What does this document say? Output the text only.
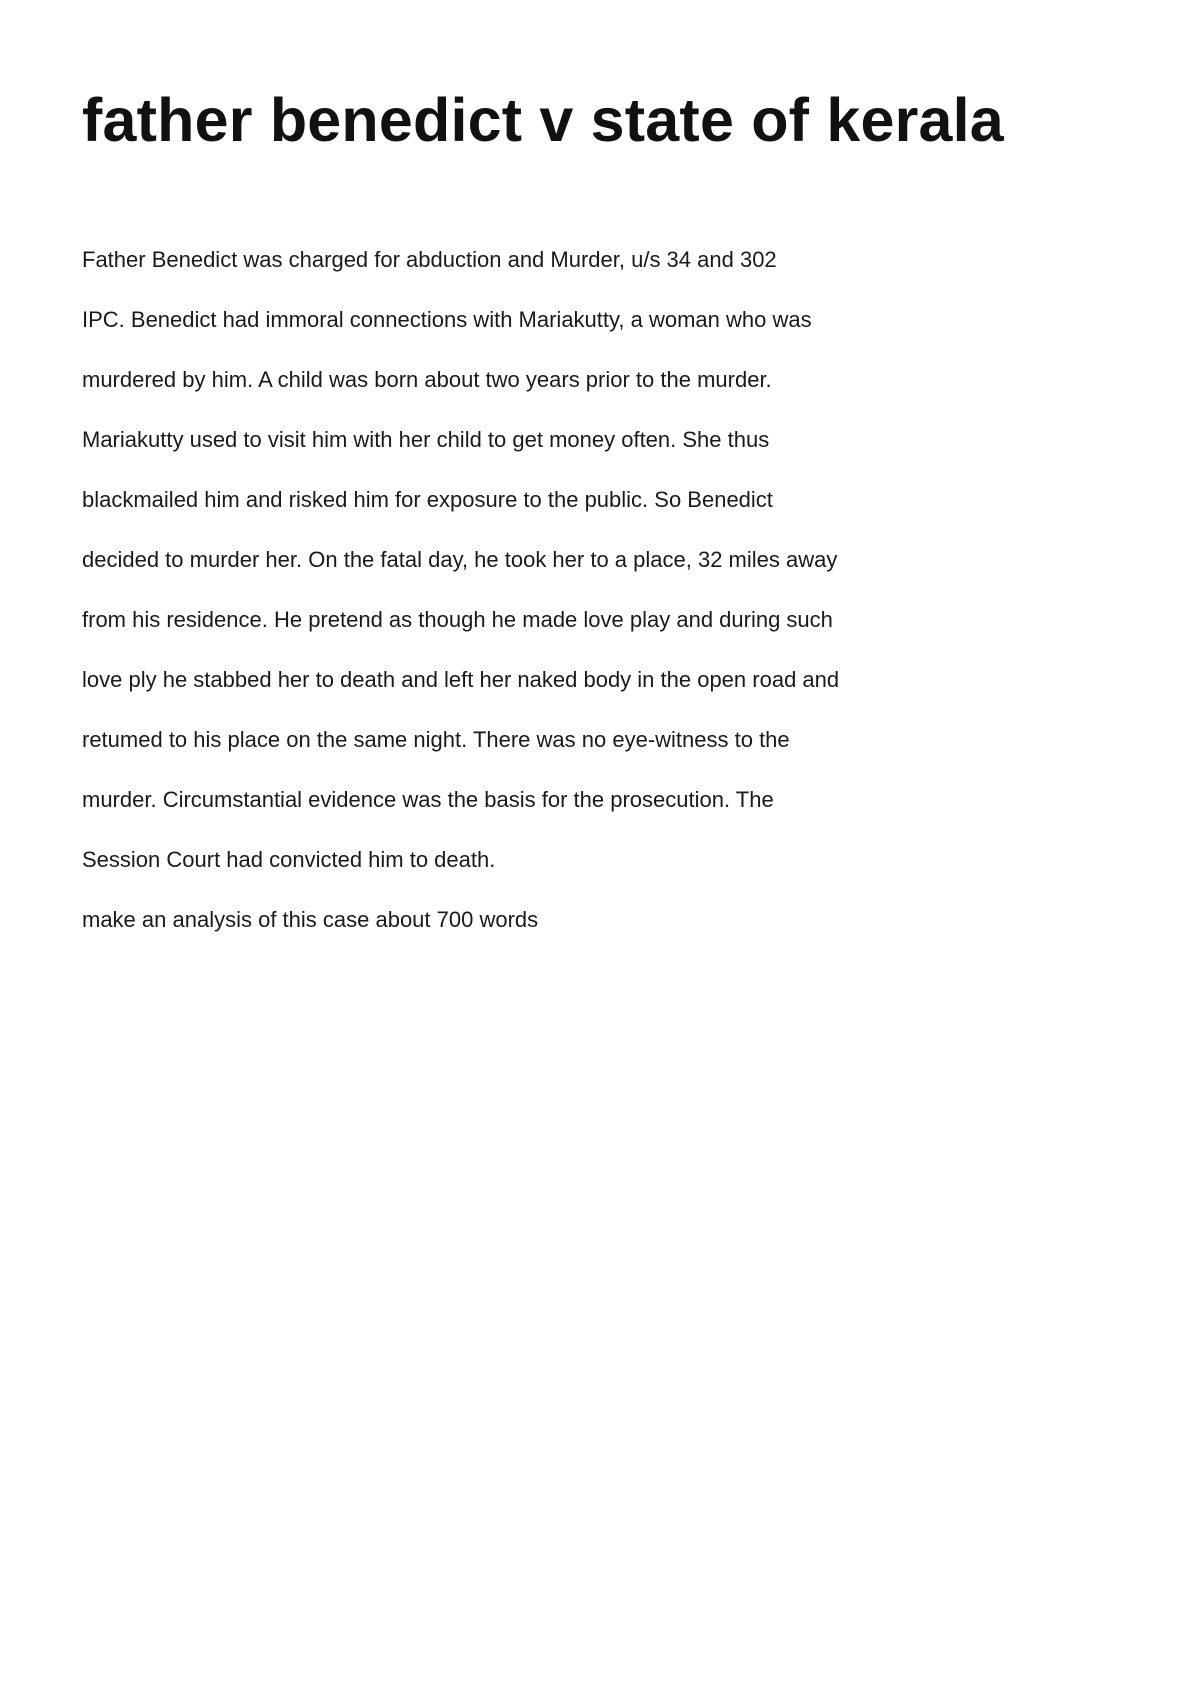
father benedict v state of kerala
Father Benedict was charged for abduction and Murder, u/s 34 and 302
IPC. Benedict had immoral connections with Mariakutty, a woman who was
murdered by him. A child was born about two years prior to the murder.
Mariakutty used to visit him with her child to get money often. She thus
blackmailed him and risked him for exposure to the public. So Benedict
decided to murder her. On the fatal day, he took her to a place, 32 miles away
from his residence. He pretend as though he made love play and during such
love ply he stabbed her to death and left her naked body in the open road and
retumed to his place on the same night. There was no eye-witness to the
murder. Circumstantial evidence was the basis for the prosecution. The
Session Court had convicted him to death.

make an analysis of this case about 700 words
